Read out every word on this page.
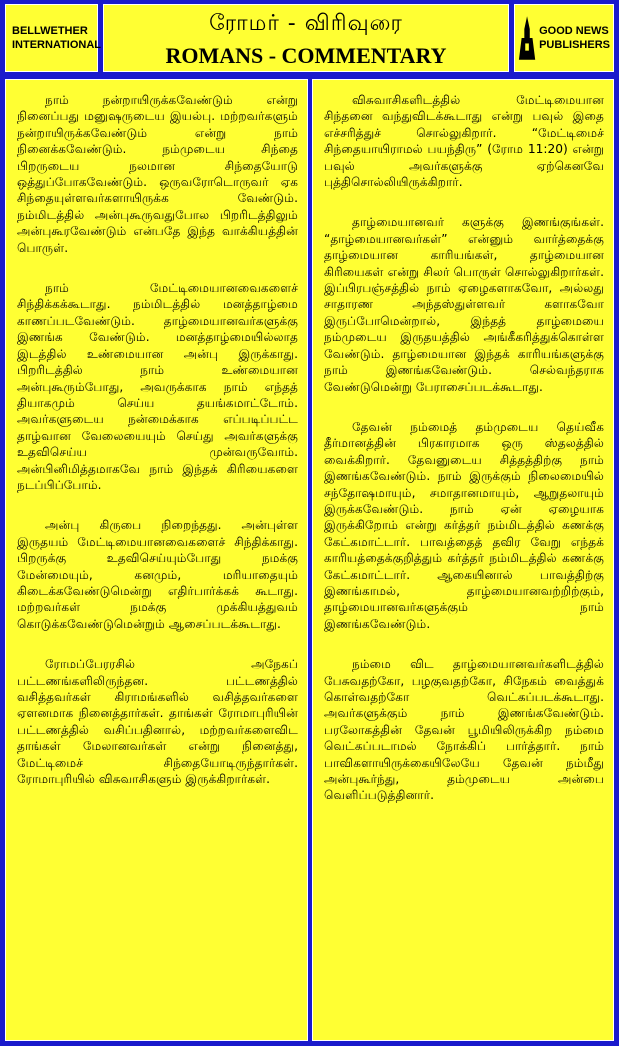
BELLWETHER
INTERNATIONAL
ரோமர் - விரிவுரை
ROMANS - COMMENTARY
GOOD NEWS
PUBLISHERS

நாம் நன்றாயிருக்கவேண்டும் என்று நினைப்பது மனுஷருடைய இயல்பு. மற்றவர்களும் நன்றாயிருக்கவேண்டும் என்று நாம் நினைக்கவேண்டும். நம்முடைய சிந்தை பிறருடைய நலமான சிந்தையோடு ஒத்துப்போகவேண்டும். ஒருவரோடொருவர் ஏக சிந்தையுள்ளவர்களாயிருக்க வேண்டும். நம்மிடத்தில் அன்புகூருவதுபோல பிறரிடத்திலும் அன்புகூரவேண்டும் என்பதே இந்த வாக்கியத்தின் பொருள்.

நாம் மேட்டிமையானவைகளைச் சிந்திக்கக்கூடாது. நம்மிடத்தில் மனத்தாழ்மை காணப்படவேண்டும். தாழ்மையானவர்களுக்கு இணங்க வேண்டும். மனத்தாழ்மையில்லாத இடத்தில் உண்மையான அன்பு இருக்காது. பிறரிடத்தில் நாம் உண்மையான அன்புகூரும்போது, அவருக்காக நாம் எந்தத் தியாகமும் செய்ய தயங்கமாட்டோம். அவர்களுடைய நன்மைக்காக எப்படிப்பட்ட தாழ்வான வேலையையும் செய்து அவர்களுக்கு உதவிசெய்ய முன்வருவோம். அன்பினிமித்தமாகவே நாம் இந்தக் கிரியைகளை நடப்பிப்போம்.

அன்பு கிருபை நிறைந்தது. அன்புள்ள இருதயம் மேட்டிமையானவைகளைச் சிந்திக்காது. பிறருக்கு உதவிசெய்யும்போது நமக்கு மேன்மையும், கனமும், மரியாதையும் கிடைக்கவேண்டுமென்று எதிர்பார்க்கக் கூடாது. மற்றவர்கள் நமக்கு முக்கியத்துவம் கொடுக்கவேண்டுமென்றும் ஆசைப்படக்கூடாது.

ரோமப்பேரரசில் அநேகப் பட்டணங்களிலிருந்தன. பட்டணத்தில் வசித்தவர்கள் கிராமங்களில் வசித்தவர்களை ஏளனமாக நினைத்தார்கள். தாங்கள் ரோமாபுரியின் பட்டணத்தில் வசிப்பதினால், மற்றவர்களைவிட தாங்கள் மேலானவர்கள் என்று நினைத்து, மேட்டிமைச் சிந்தையோடிருந்தார்கள். ரோமாபுரியில் விசுவாசிகளும் இருக்கிறார்கள்.

விசுவாசிகளிடத்தில் மேட்டிமையான சிந்தனை வந்துவிடக்கூடாது என்று பவுல் இதை எச்சரித்துச் சொல்லுகிறார். “மேட்டிமைச் சிந்தையாயிராமல் பயந்திரு” (ரோம 11:20) என்று பவுல் அவர்களுக்கு ஏற்கெனவே புத்திசொல்லியிருக்கிறார்.

தாழ்மையானவர் களுக்கு இணங்குங்கள். “தாழ்மையானவர்கள்” என்னும் வார்த்தைக்கு தாழ்மையான காரியங்கள், தாழ்மையான கிரியைகள் என்று சிலர் பொருள் சொல்லுகிறார்கள். இப்பிரபஞ்சத்தில் நாம் ஏழைகளாகவோ, அல்லது சாதாரண அந்தஸ்துள்ளவர் களாகவோ இருப்போமென்றால், இந்தத் தாழ்மையை நம்முடைய இருதயத்தில் அங்கீகரித்துக்கொள்ள வேண்டும். தாழ்மையான இந்தக் காரியங்களுக்கு நாம் இணங்கவேண்டும். செல்வந்தராக வேண்டுமென்று பேராசைப்படக்கூடாது.

தேவன் நம்மைத் தம்முடைய தெய்வீக தீர்மானத்தின் பிரகாரமாக ஒரு ஸ்தலத்தில் வைக்கிறார். தேவனுடைய சித்தத்திற்கு நாம் இணங்கவேண்டும். நாம் இருக்கும் நிலைமையில் சந்தோஷமாயும், சமாதானமாயும், ஆறுதலாயும் இருக்கவேண்டும். நாம் ஏன் ஏழையாக இருக்கிறோம் என்று கர்த்தர் நம்மிடத்தில் கணக்கு கேட்கமாட்டார். பாவத்தைத் தவிர வேறு எந்தக் காரியத்தைக்குறித்தும் கர்த்தர் நம்மிடத்தில் கணக்கு கேட்கமாட்டார். ஆகையினால் பாவத்திற்கு இணங்காமல், தாழ்மையானவற்றிற்கும், தாழ்மையானவர்களுக்கும் நாம் இணங்கவேண்டும்.

நம்மை விட தாழ்மையானவர்களிடத்தில் பேசுவதற்கோ, பழகுவதற்கோ, சிநேகம் வைத்துக் கொள்வதற்கோ வெட்கப்படக்கூடாது. அவர்களுக்கும் நாம் இணங்கவேண்டும். பரலோகத்தின் தேவன் பூமியிலிருக்கிற நம்மை வெட்கப்படாமல் நோக்கிப் பார்த்தார். நாம் பாவிகளாயிருக்கையிலேயே தேவன் நம்மீது அன்புகூர்ந்து, தம்முடைய அன்பை வெளிப்படுத்தினார்.
